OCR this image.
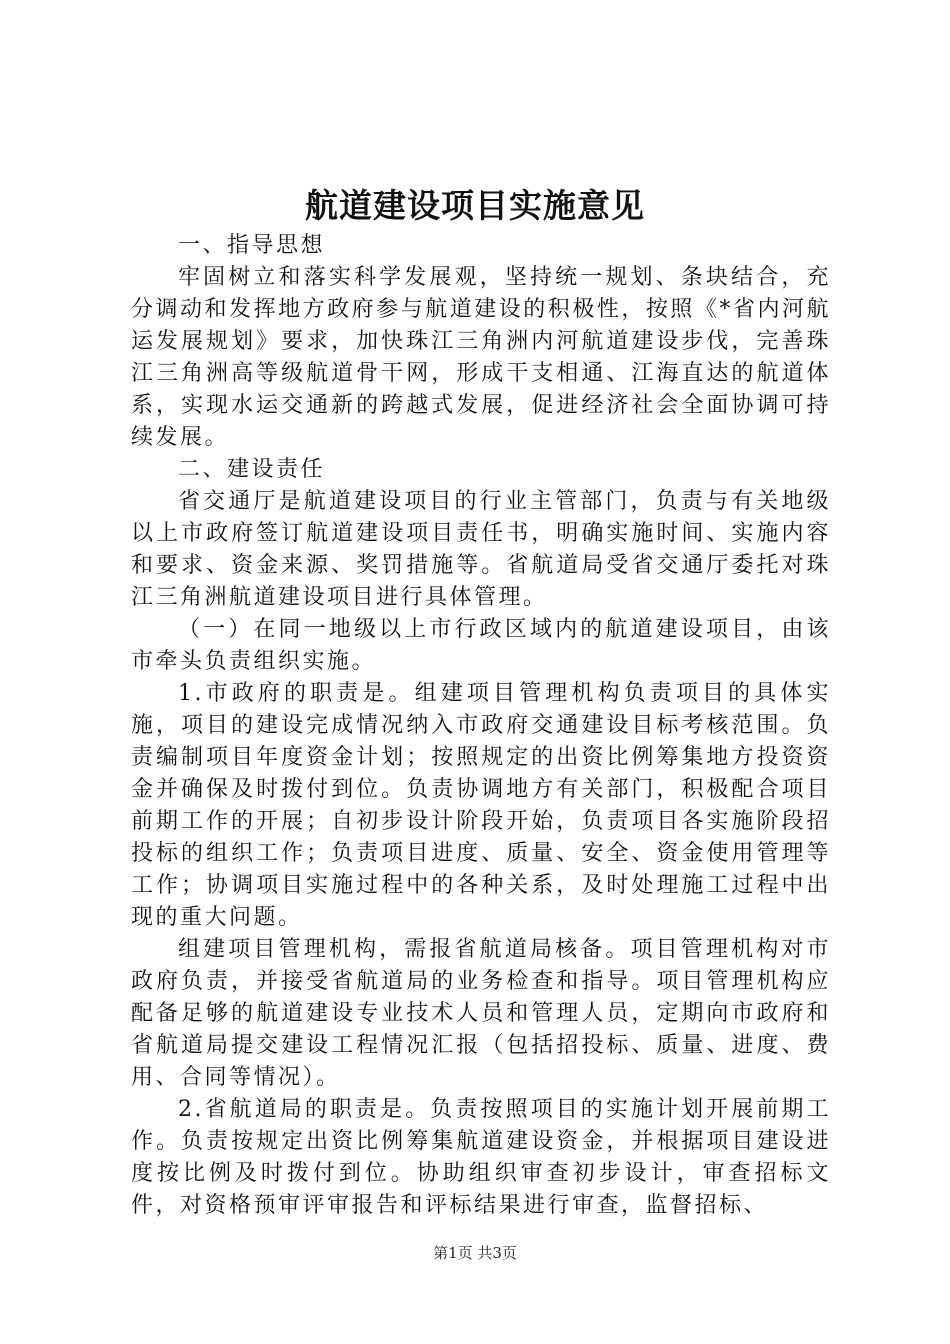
航道建设项目实施意见

一、指导思想

牢固树立和落实科学发展观，坚持统一规划、条块结合，充分调动和发挥地方政府参与航道建设的积极性，按照《*省内河航运发展规划》要求，加快珠江三角洲内河航道建设步伐，完善珠江三角洲高等级航道骨干网，形成干支相通、江海直达的航道体系，实现水运交通新的跨越式发展，促进经济社会全面协调可持续发展。

二、建设责任

省交通厅是航道建设项目的行业主管部门，负责与有关地级以上市政府签订航道建设项目责任书，明确实施时间、实施内容和要求、资金来源、奖罚措施等。省航道局受省交通厅委托对珠江三角洲航道建设项目进行具体管理。

（一）在同一地级以上市行政区域内的航道建设项目，由该市牵头负责组织实施。

1.市政府的职责是。组建项目管理机构负责项目的具体实施，项目的建设完成情况纳入市政府交通建设目标考核范围。负责编制项目年度资金计划；按照规定的出资比例筹集地方投资资金并确保及时拨付到位。负责协调地方有关部门，积极配合项目前期工作的开展；自初步设计阶段开始，负责项目各实施阶段招投标的组织工作；负责项目进度、质量、安全、资金使用管理等工作；协调项目实施过程中的各种关系，及时处理施工过程中出现的重大问题。

组建项目管理机构，需报省航道局核备。项目管理机构对市政府负责，并接受省航道局的业务检查和指导。项目管理机构应配备足够的航道建设专业技术人员和管理人员，定期向市政府和省航道局提交建设工程情况汇报（包括招投标、质量、进度、费用、合同等情况）。

2.省航道局的职责是。负责按照项目的实施计划开展前期工作。负责按规定出资比例筹集航道建设资金，并根据项目建设进度按比例及时拨付到位。协助组织审查初步设计，审查招标文件，对资格预审评审报告和评标结果进行审查，监督招标、

第1页 共3页
